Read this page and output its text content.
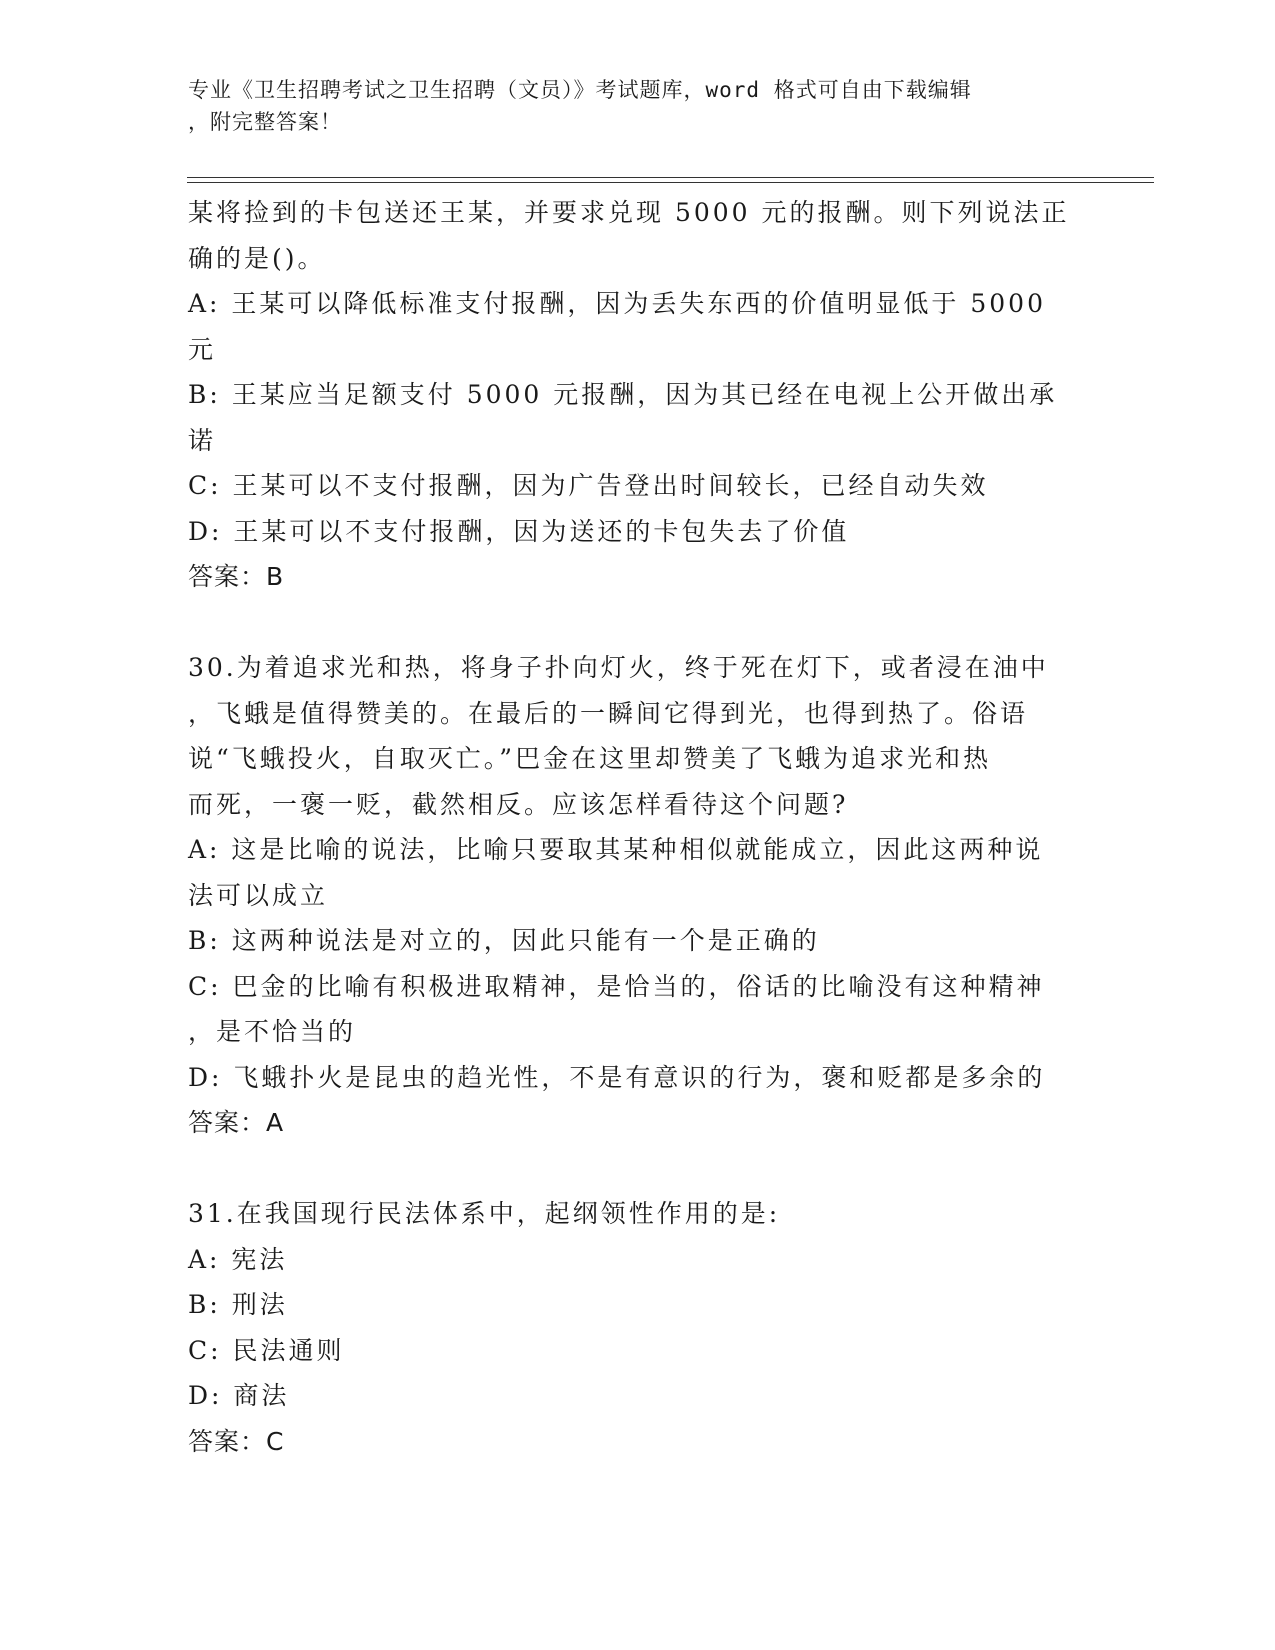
专业《卫生招聘考试之卫生招聘（文员）》考试题库，word 格式可自由下载编辑
，附完整答案！
某将捡到的卡包送还王某，并要求兑现 5000 元的报酬。则下列说法正
确的是()。
A: 王某可以降低标准支付报酬，因为丢失东西的价值明显低于 5000
元
B: 王某应当足额支付 5000 元报酬，因为其已经在电视上公开做出承
诺
C: 王某可以不支付报酬，因为广告登出时间较长，已经自动失效
D: 王某可以不支付报酬，因为送还的卡包失去了价值
答案：B
30.为着追求光和热，将身子扑向灯火，终于死在灯下，或者浸在油中
，飞蛾是值得赞美的。在最后的一瞬间它得到光，也得到热了。俗语
说“飞蛾投火，自取灭亡。”巴金在这里却赞美了飞蛾为追求光和热
而死，一褒一贬，截然相反。应该怎样看待这个问题?
A: 这是比喻的说法，比喻只要取其某种相似就能成立，因此这两种说
法可以成立
B: 这两种说法是对立的，因此只能有一个是正确的
C: 巴金的比喻有积极进取精神，是恰当的，俗话的比喻没有这种精神
，是不恰当的
D: 飞蛾扑火是昆虫的趋光性，不是有意识的行为，褒和贬都是多余的
答案：A
31.在我国现行民法体系中，起纲领性作用的是:
A: 宪法
B: 刑法
C: 民法通则
D: 商法
答案：C
